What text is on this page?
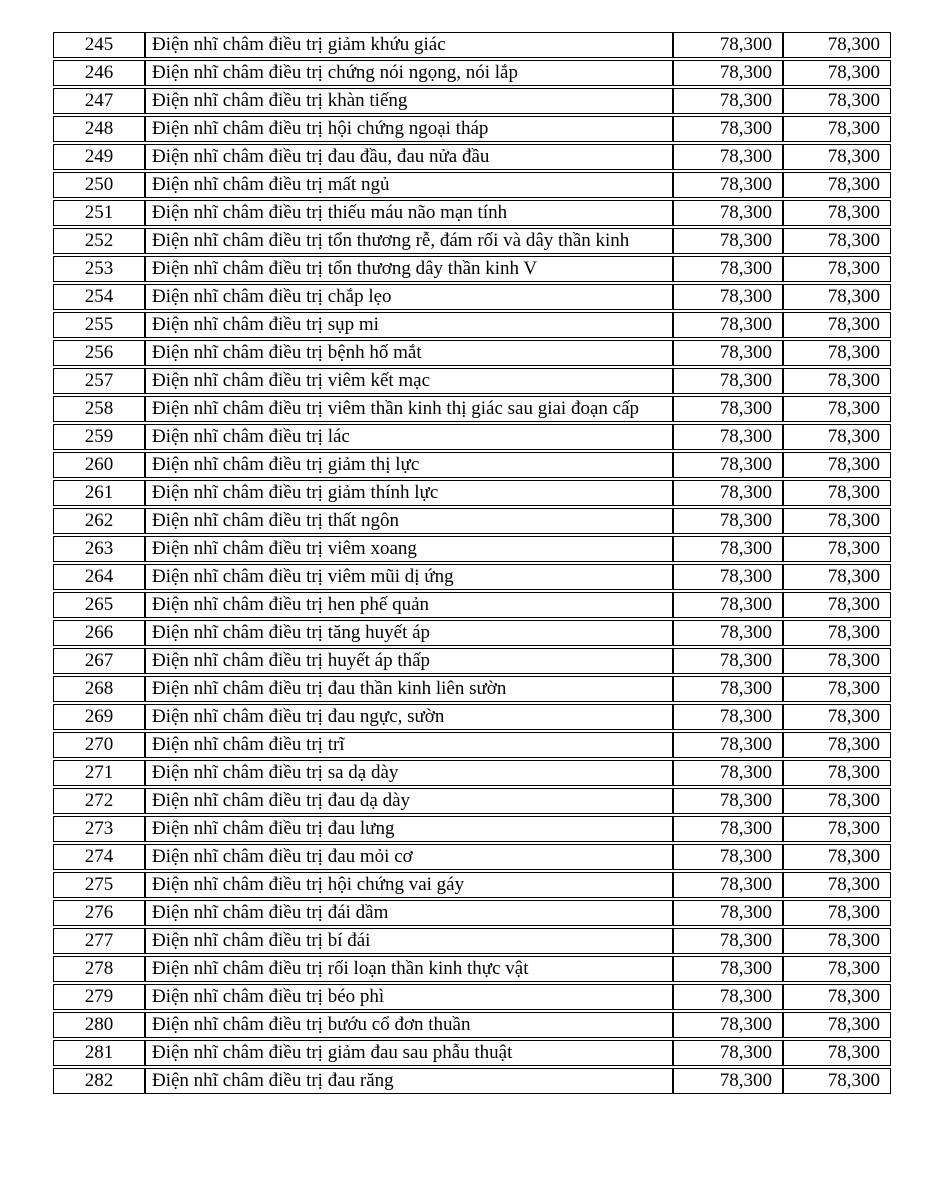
245	Điện nhĩ châm điều trị giảm khứu giác	78,300	78,300
246	Điện nhĩ châm điều trị chứng nói ngọng, nói lắp	78,300	78,300
247	Điện nhĩ châm điều trị khàn tiếng	78,300	78,300
248	Điện nhĩ châm điều trị hội chứng ngoại tháp	78,300	78,300
249	Điện nhĩ châm điều trị đau đầu, đau nửa đầu	78,300	78,300
250	Điện nhĩ châm điều trị mất ngủ	78,300	78,300
251	Điện nhĩ châm điều trị thiếu máu não mạn tính	78,300	78,300
252	Điện nhĩ châm điều trị tổn thương rễ, đám rối và dây thần kinh	78,300	78,300
253	Điện nhĩ châm điều trị tổn thương dây thần kinh V	78,300	78,300
254	Điện nhĩ châm điều trị chắp lẹo	78,300	78,300
255	Điện nhĩ châm điều trị sụp mi	78,300	78,300
256	Điện nhĩ châm điều trị bệnh hố mắt	78,300	78,300
257	Điện nhĩ châm điều trị viêm kết mạc	78,300	78,300
258	Điện nhĩ châm điều trị viêm thần kinh thị giác sau giai đoạn cấp	78,300	78,300
259	Điện nhĩ châm điều trị lác	78,300	78,300
260	Điện nhĩ châm điều trị giảm thị lực	78,300	78,300
261	Điện nhĩ châm điều trị giảm thính lực	78,300	78,300
262	Điện nhĩ châm điều trị thất ngôn	78,300	78,300
263	Điện nhĩ châm điều trị viêm xoang	78,300	78,300
264	Điện nhĩ châm điều trị viêm mũi dị ứng	78,300	78,300
265	Điện nhĩ châm điều trị hen phế quản	78,300	78,300
266	Điện nhĩ châm điều trị tăng huyết áp	78,300	78,300
267	Điện nhĩ châm điều trị huyết áp thấp	78,300	78,300
268	Điện nhĩ châm điều trị đau thần kinh liên sườn	78,300	78,300
269	Điện nhĩ châm điều trị đau ngực, sườn	78,300	78,300
270	Điện nhĩ châm điều trị trĩ	78,300	78,300
271	Điện nhĩ châm điều trị sa dạ dày	78,300	78,300
272	Điện nhĩ châm điều trị đau dạ dày	78,300	78,300
273	Điện nhĩ châm điều trị đau lưng	78,300	78,300
274	Điện nhĩ châm điều trị đau mỏi cơ	78,300	78,300
275	Điện nhĩ châm điều trị hội chứng vai gáy	78,300	78,300
276	Điện nhĩ châm điều trị đái dầm	78,300	78,300
277	Điện nhĩ châm điều trị bí đái	78,300	78,300
278	Điện nhĩ châm điều trị rối loạn thần kinh thực vật	78,300	78,300
279	Điện nhĩ châm điều trị béo phì	78,300	78,300
280	Điện nhĩ châm điều trị bướu cổ đơn thuần	78,300	78,300
281	Điện nhĩ châm điều trị giảm đau sau phẫu thuật	78,300	78,300
282	Điện nhĩ châm điều trị đau răng	78,300	78,300
